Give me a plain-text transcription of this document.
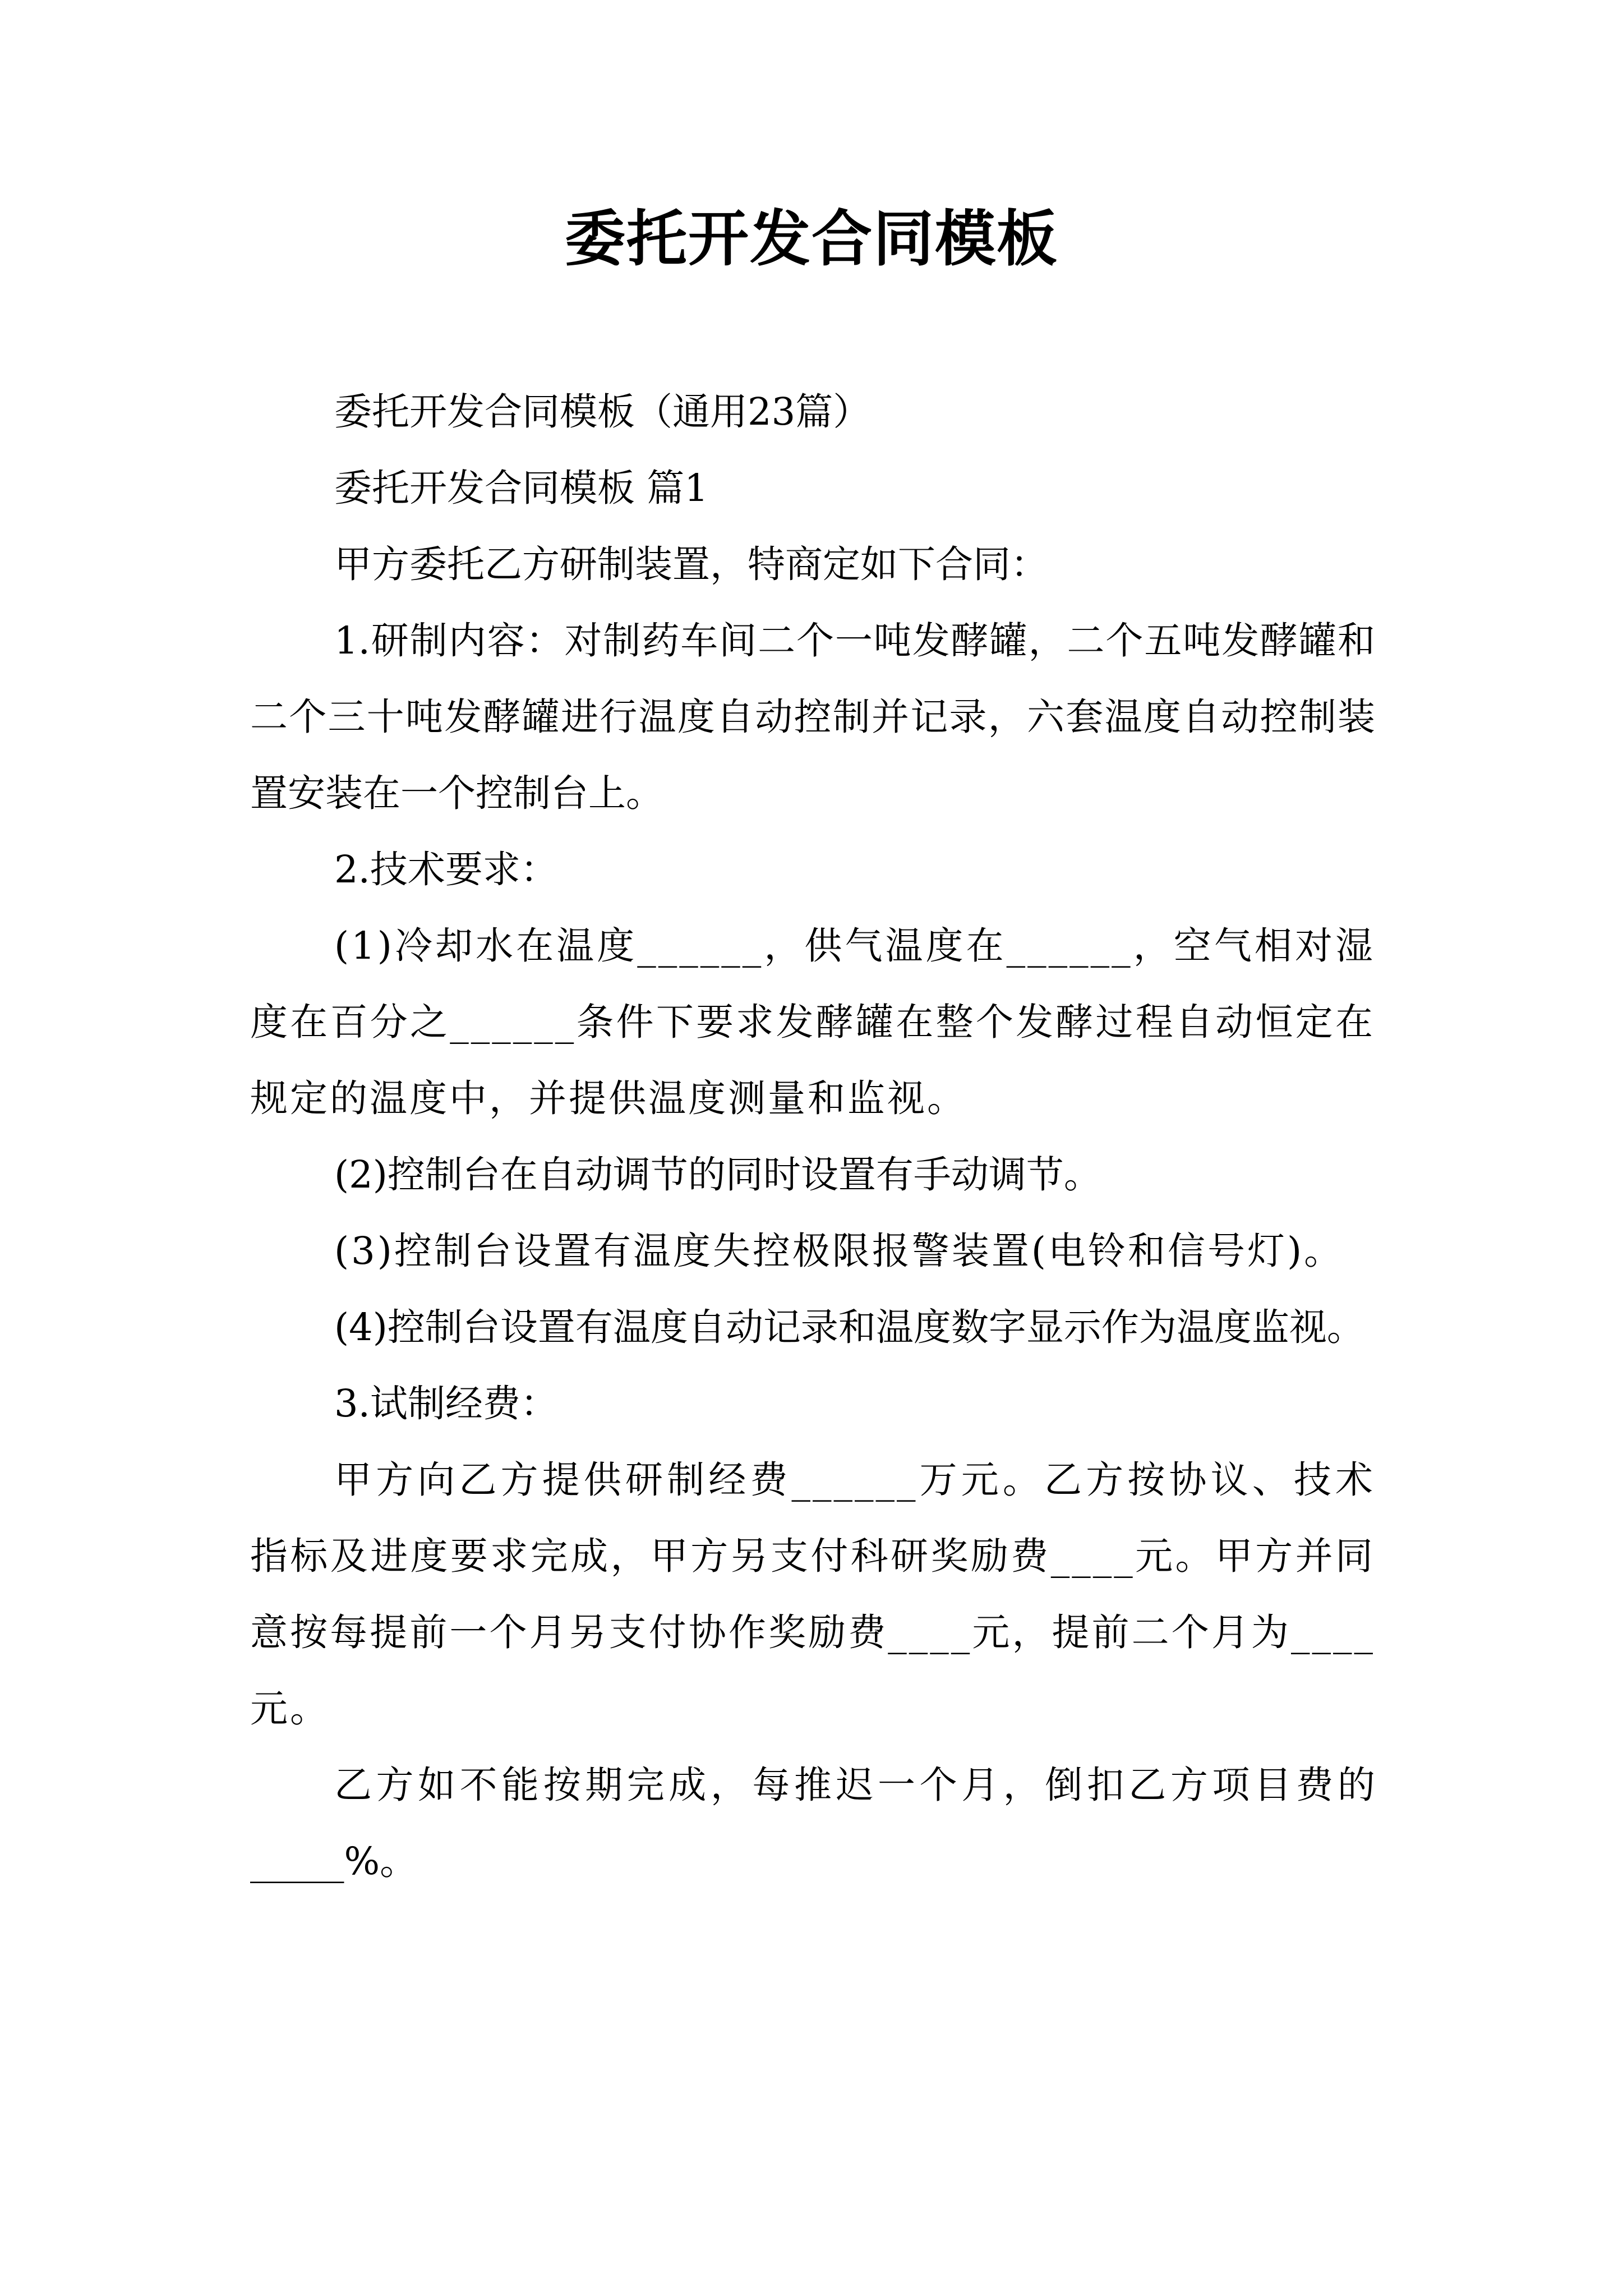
委托开发合同模板

委托开发合同模板（通用23篇）

委托开发合同模板 篇1

甲方委托乙方研制装置，特商定如下合同：

1.研制内容：对制药车间二个一吨发酵罐，二个五吨发酵罐和二个三十吨发酵罐进行温度自动控制并记录，六套温度自动控制装置安装在一个控制台上。

2.技术要求：

(1)冷却水在温度______，供气温度在______，空气相对湿度在百分之______条件下要求发酵罐在整个发酵过程自动恒定在规定的温度中，并提供温度测量和监视。

(2)控制台在自动调节的同时设置有手动调节。

(3)控制台设置有温度失控极限报警装置(电铃和信号灯)。

(4)控制台设置有温度自动记录和温度数字显示作为温度监视。

3.试制经费：

甲方向乙方提供研制经费______万元。乙方按协议、技术指标及进度要求完成，甲方另支付科研奖励费____元。甲方并同意按每提前一个月另支付协作奖励费____元，提前二个月为____元。

乙方如不能按期完成，每推迟一个月，倒扣乙方项目费的_____%。
